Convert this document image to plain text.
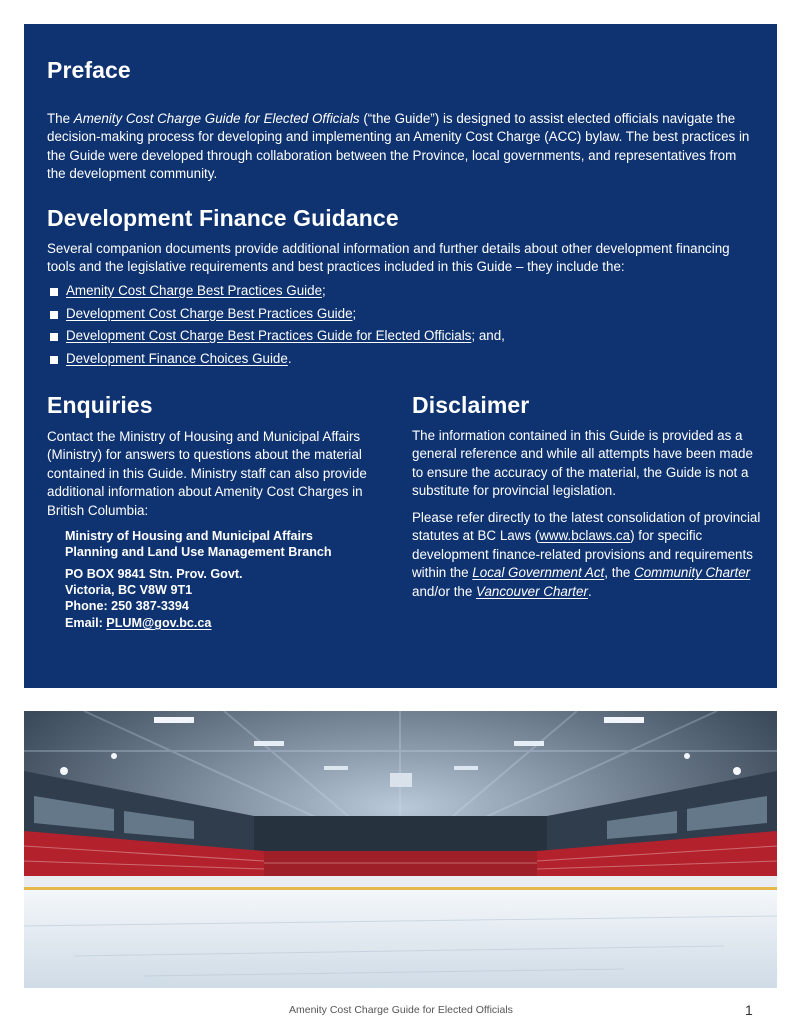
Preface

The Amenity Cost Charge Guide for Elected Officials (“the Guide”) is designed to assist elected officials navigate the decision-making process for developing and implementing an Amenity Cost Charge (ACC) bylaw. The best practices in the Guide were developed through collaboration between the Province, local governments, and representatives from the development community.

Development Finance Guidance

Several companion documents provide additional information and further details about other development financing tools and the legislative requirements and best practices included in this Guide – they include the:

Amenity Cost Charge Best Practices Guide;
Development Cost Charge Best Practices Guide;
Development Cost Charge Best Practices Guide for Elected Officials; and,
Development Finance Choices Guide.
Enquiries

Contact the Ministry of Housing and Municipal Affairs (Ministry) for answers to questions about the material contained in this Guide. Ministry staff can also provide additional information about Amenity Cost Charges in British Columbia:

Ministry of Housing and Municipal Affairs
Planning and Land Use Management Branch
PO BOX 9841 Stn. Prov. Govt.
Victoria, BC V8W 9T1
Phone: 250 387-3394
Email: PLUM@gov.bc.ca
Disclaimer

The information contained in this Guide is provided as a general reference and while all attempts have been made to ensure the accuracy of the material, the Guide is not a substitute for provincial legislation.

Please refer directly to the latest consolidation of provincial statutes at BC Laws (www.bclaws.ca) for specific development finance-related provisions and requirements within the Local Government Act, the Community Charter and/or the Vancouver Charter.

Amenity Cost Charge Guide for Elected Officials	1
